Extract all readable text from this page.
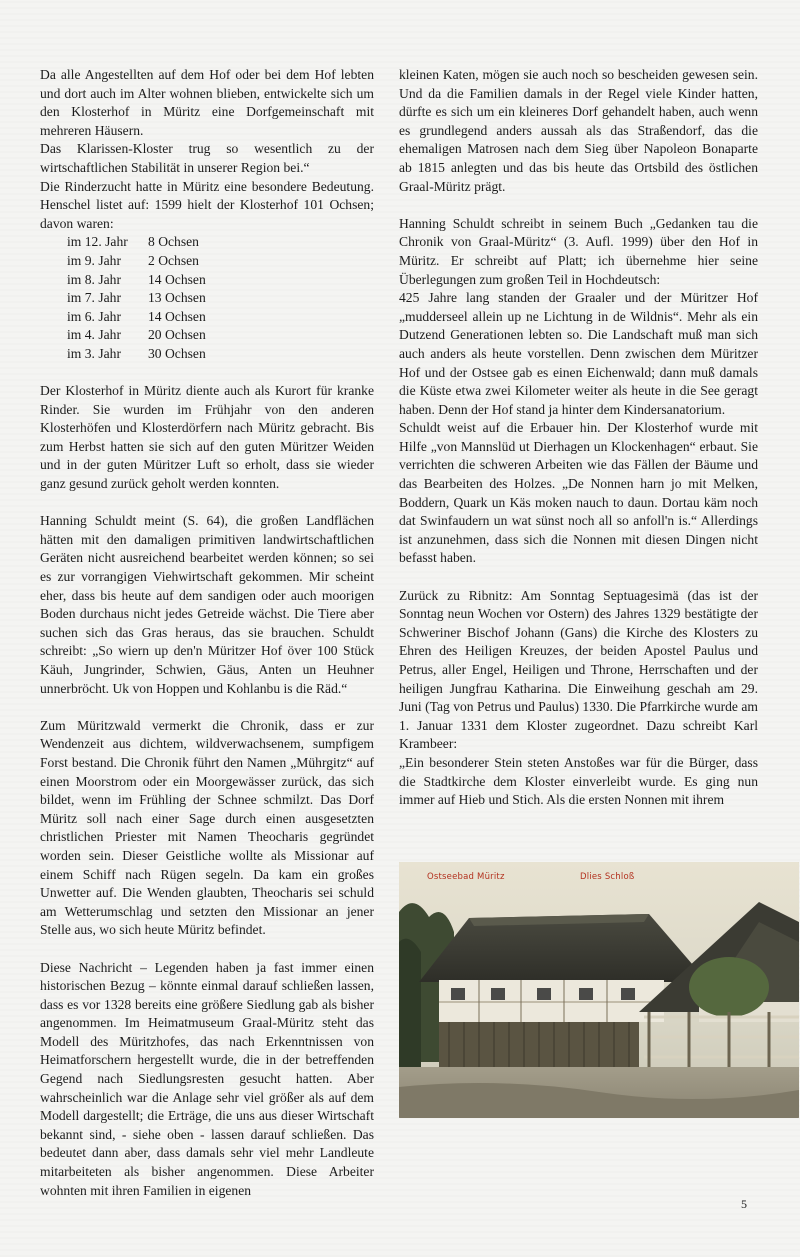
Da alle Angestellten auf dem Hof oder bei dem Hof lebten und dort auch im Alter wohnen blieben, entwickelte sich um den Klosterhof in Müritz eine Dorfgemeinschaft mit mehreren Häusern.

Das Klarissen-Kloster trug so wesentlich zu der wirtschaftlichen Stabilität in unserer Region bei.“

Die Rinderzucht hatte in Müritz eine besondere Bedeutung. Henschel listet auf: 1599 hielt der Klosterhof 101 Ochsen; davon waren:

im 12. Jahr	8 Ochsen
im 9. Jahr	2 Ochsen
im 8. Jahr	14 Ochsen
im 7. Jahr	13 Ochsen
im 6. Jahr	14 Ochsen
im 4. Jahr	20 Ochsen
im 3. Jahr	30 Ochsen

Der Klosterhof in Müritz diente auch als Kurort für kranke Rinder. Sie wurden im Frühjahr von den anderen Klosterhöfen und Klosterdörfern nach Müritz gebracht. Bis zum Herbst hatten sie sich auf den guten Müritzer Weiden und in der guten Müritzer Luft so erholt, dass sie wieder ganz gesund zurück geholt werden konnten.

Hanning Schuldt meint (S. 64), die großen Landflächen hätten mit den damaligen primitiven landwirtschaftlichen Geräten nicht ausreichend bearbeitet werden können; so sei es zur vorrangigen Viehwirtschaft gekommen. Mir scheint eher, dass bis heute auf dem sandigen oder auch moorigen Boden durchaus nicht jedes Getreide wächst. Die Tiere aber suchen sich das Gras heraus, das sie brauchen. Schuldt schreibt: „So wiern up den'n Müritzer Hof över 100 Stück Käuh, Jungrinder, Schwien, Gäus, Anten un Heuhner unnerbröcht. Uk von Hoppen und Kohlanbu is die Räd.“

Zum Müritzwald vermerkt die Chronik, dass er zur Wendenzeit aus dichtem, wildverwachsenem, sumpfigem Forst bestand. Die Chronik führt den Namen „Mührgitz“ auf einen Moorstrom oder ein Moorgewässer zurück, das sich bildet, wenn im Frühling der Schnee schmilzt. Das Dorf Müritz soll nach einer Sage durch einen ausgesetzten christlichen Priester mit Namen Theocharis gegründet worden sein. Dieser Geistliche wollte als Missionar auf einem Schiff nach Rügen segeln. Da kam ein großes Unwetter auf. Die Wenden glaubten, Theocharis sei schuld am Wetterumschlag und setzten den Missionar an jener Stelle aus, wo sich heute Müritz befindet.

Diese Nachricht – Legenden haben ja fast immer einen historischen Bezug – könnte einmal darauf schließen lassen, dass es vor 1328 bereits eine größere Siedlung gab als bisher angenommen. Im Heimatmuseum Graal-Müritz steht das Modell des Müritzhofes, das nach Erkenntnissen von Heimatforschern hergestellt wurde, die in der betreffenden Gegend nach Siedlungsresten gesucht hatten. Aber wahrscheinlich war die Anlage sehr viel größer als auf dem Modell dargestellt; die Erträge, die uns aus dieser Wirtschaft bekannt sind, - siehe oben - lassen darauf schließen. Das bedeutet dann aber, dass damals sehr viel mehr Landleute mitarbeiteten als bisher angenommen. Diese Arbeiter wohnten mit ihren Familien in eigenen

kleinen Katen, mögen sie auch noch so bescheiden gewesen sein. Und da die Familien damals in der Regel viele Kinder hatten, dürfte es sich um ein kleineres Dorf gehandelt haben, auch wenn es grundlegend anders aussah als das Straßendorf, das die ehemaligen Matrosen nach dem Sieg über Napoleon Bonaparte ab 1815 anlegten und das bis heute das Ortsbild des östlichen Graal-Müritz prägt.

Hanning Schuldt schreibt in seinem Buch „Gedanken tau die Chronik von Graal-Müritz“ (3. Aufl. 1999) über den Hof in Müritz. Er schreibt auf Platt; ich übernehme hier seine Überlegungen zum großen Teil in Hochdeutsch:

425 Jahre lang standen der Graaler und der Müritzer Hof „mudderseel allein up ne Lichtung in de Wildnis“. Mehr als ein Dutzend Generationen lebten so. Die Landschaft muß man sich auch anders als heute vorstellen. Denn zwischen dem Müritzer Hof und der Ostsee gab es einen Eichenwald; dann muß damals die Küste etwa zwei Kilometer weiter als heute in die See geragt haben. Denn der Hof stand ja hinter dem Kindersanatorium.

Schuldt weist auf die Erbauer hin. Der Klosterhof wurde mit Hilfe „von Mannslüd ut Dierhagen un Klockenhagen“ erbaut. Sie verrichten die schweren Arbeiten wie das Fällen der Bäume und das Bearbeiten des Holzes. „De Nonnen harn jo mit Melken, Boddern, Quark un Käs moken nauch to daun. Dortau käm noch dat Swinfaudern un wat sünst noch all so anfoll'n is.“ Allerdings ist anzunehmen, dass sich die Nonnen mit diesen Dingen nicht befasst haben.

Zurück zu Ribnitz: Am Sonntag Septuagesimä (das ist der Sonntag neun Wochen vor Ostern) des Jahres 1329 bestätigte der Schweriner Bischof Johann (Gans) die Kirche des Klosters zu Ehren des Heiligen Kreuzes, der beiden Apostel Paulus und Petrus, aller Engel, Heiligen und Throne, Herrschaften und der heiligen Jungfrau Katharina. Die Einweihung geschah am 29. Juni (Tag von Petrus und Paulus) 1330. Die Pfarrkirche wurde am 1. Januar 1331 dem Kloster zugeordnet. Dazu schreibt Karl Krambeer:

„Ein besonderer Stein steten Anstoßes war für die Bürger, dass die Stadtkirche dem Kloster einverleibt wurde. Es ging nun immer auf Hieb und Stich. Als die ersten Nonnen mit ihrem

Ostseebad Müritz	Dlies Schloß
5
